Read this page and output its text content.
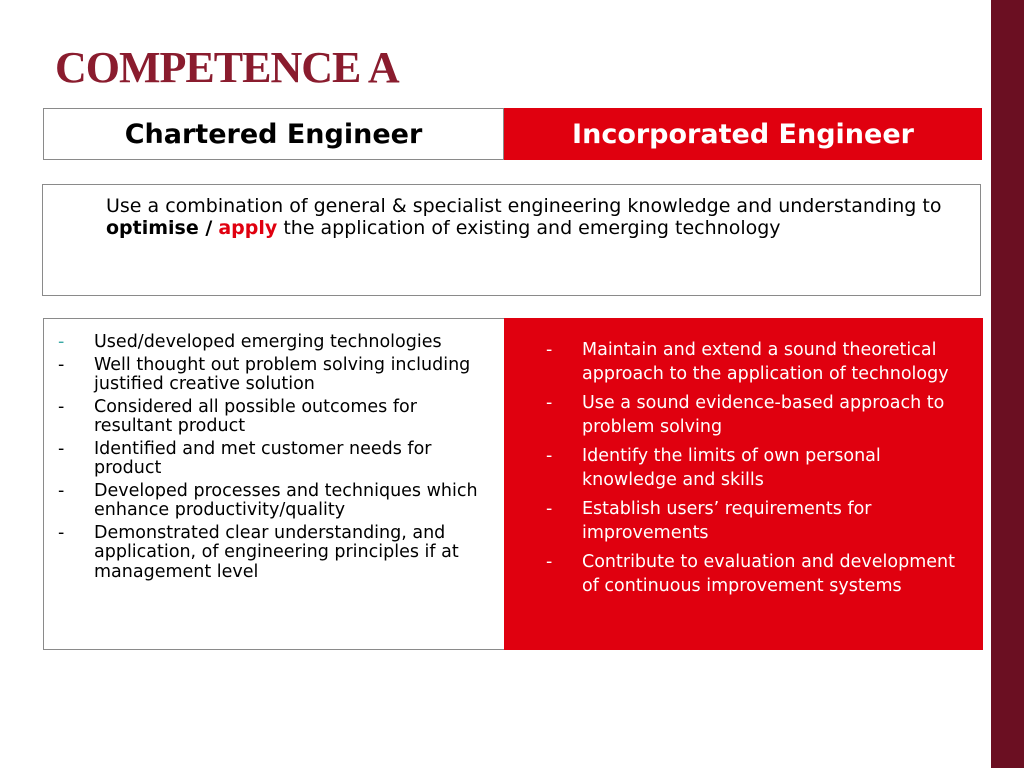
COMPETENCE A
Chartered Engineer	Incorporated Engineer
Use a combination of general & specialist engineering knowledge and understanding to optimise / apply the application of existing and emerging technology
-	Used/developed emerging technologies
-	Well thought out problem solving including justified creative solution
-	Considered all possible outcomes for resultant product
-	Identified and met customer needs for product
-	Developed processes and techniques which enhance productivity/quality
-	Demonstrated clear understanding, and application, of engineering principles if at management level
-	Maintain and extend a sound theoretical approach to the application of technology
-	Use a sound evidence-based approach to problem solving
-	Identify the limits of own personal knowledge and skills
-	Establish users’ requirements for improvements
-	Contribute to evaluation and development of continuous improvement systems
